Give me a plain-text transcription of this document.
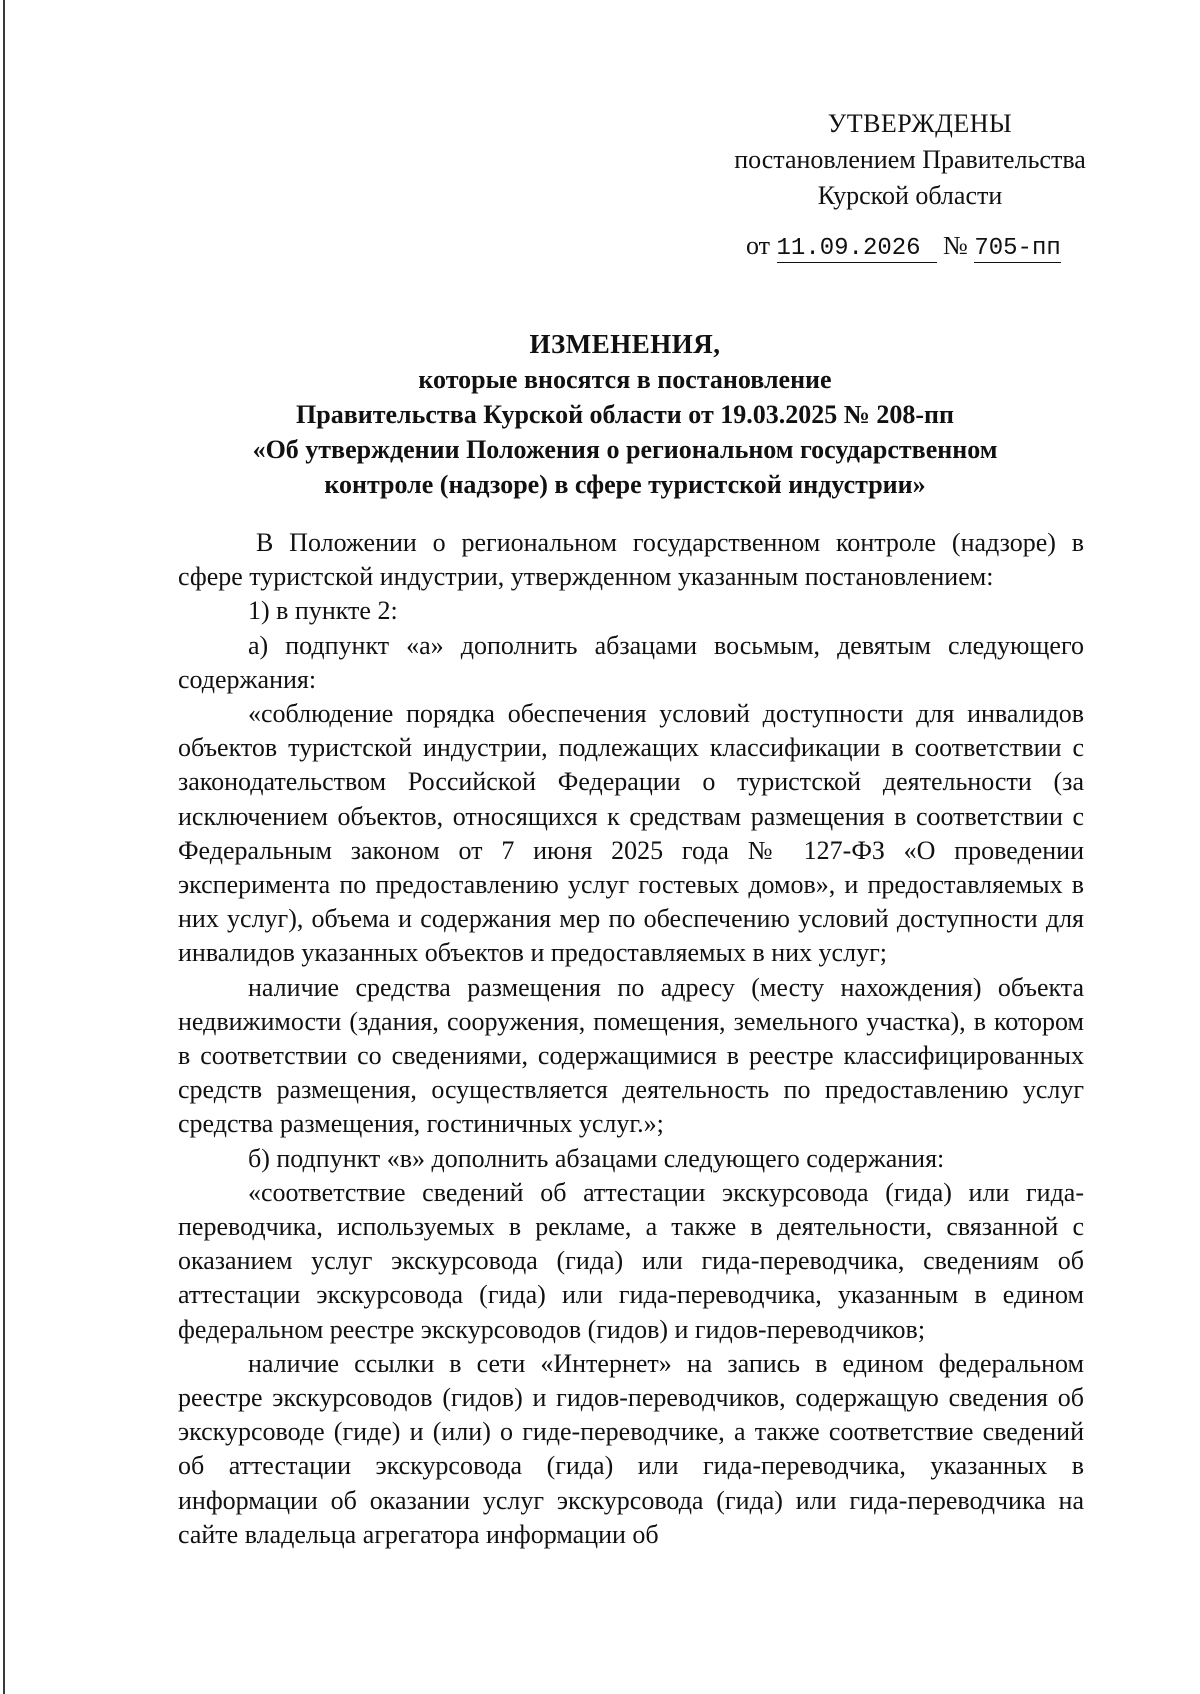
УТВЕРЖДЕНЫ
постановлением Правительства
Курской области
от 11.09.2026 № 705-пп
ИЗМЕНЕНИЯ,
которые вносятся в постановление
Правительства Курской области от 19.03.2025 № 208-пп
«Об утверждении Положения о региональном государственном
контроле (надзоре) в сфере туристской индустрии»

В Положении о региональном государственном контроле (надзоре) в сфере туристской индустрии, утвержденном указанным постановлением:

1) в пункте 2:

а) подпункт «а» дополнить абзацами восьмым, девятым следующего содержания:

«соблюдение порядка обеспечения условий доступности для инвалидов объектов туристской индустрии, подлежащих классификации в соответствии с законодательством Российской Федерации о туристской деятельности (за исключением объектов, относящихся к средствам размещения в соответствии с Федеральным законом от 7 июня 2025 года № 127-ФЗ «О проведении эксперимента по предоставлению услуг гостевых домов», и предоставляемых в них услуг), объема и содержания мер по обеспечению условий доступности для инвалидов указанных объектов и предоставляемых в них услуг;

наличие средства размещения по адресу (месту нахождения) объекта недвижимости (здания, сооружения, помещения, земельного участка), в котором в соответствии со сведениями, содержащимися в реестре классифицированных средств размещения, осуществляется деятельность по предоставлению услуг средства размещения, гостиничных услуг.»;

б) подпункт «в» дополнить абзацами следующего содержания:

«соответствие сведений об аттестации экскурсовода (гида) или гида-переводчика, используемых в рекламе, а также в деятельности, связанной с оказанием услуг экскурсовода (гида) или гида-переводчика, сведениям об аттестации экскурсовода (гида) или гида-переводчика, указанным в едином федеральном реестре экскурсоводов (гидов) и гидов-переводчиков;

наличие ссылки в сети «Интернет» на запись в едином федеральном реестре экскурсоводов (гидов) и гидов-переводчиков, содержащую сведения об экскурсоводе (гиде) и (или) о гиде-переводчике, а также соответствие сведений об аттестации экскурсовода (гида) или гида-переводчика, указанных в информации об оказании услуг экскурсовода (гида) или гида-переводчика на сайте владельца агрегатора информации об
